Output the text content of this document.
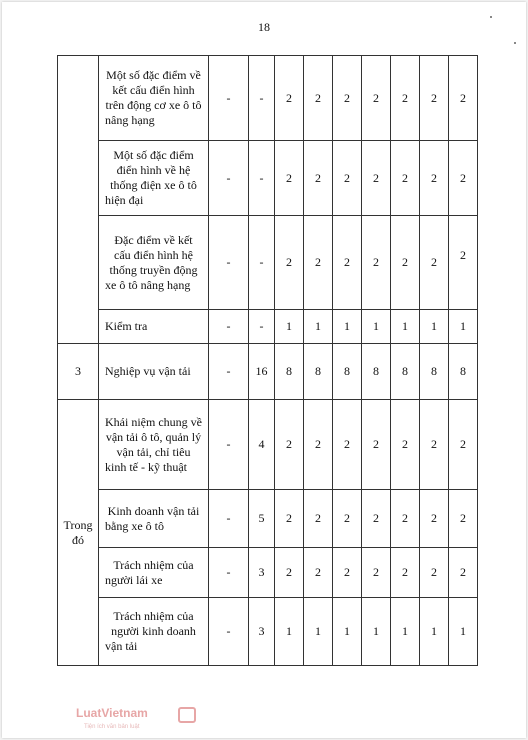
18
	Một số đặc điểm về kết cấu điển hình trên động cơ xe ô tô nâng hạng	-	-	2	2	2	2	2	2	2
	Một số đặc điểm điển hình về hệ thống điện xe ô tô hiện đại	-	-	2	2	2	2	2	2	2
	Đặc điểm về kết cấu điển hình hệ thống truyền động xe ô tô nâng hạng	-	-	2	2	2	2	2	2	2
	Kiểm tra	-	-	1	1	1	1	1	1	1
3	Nghiệp vụ vận tải	-	16	8	8	8	8	8	8	8
Trong đó	Khái niệm chung về vận tải ô tô, quản lý vận tải, chỉ tiêu kinh tế - kỹ thuật	-	4	2	2	2	2	2	2	2
	Kinh doanh vận tải bằng xe ô tô	-	5	2	2	2	2	2	2	2
	Trách nhiệm của người lái xe	-	3	2	2	2	2	2	2	2
	Trách nhiệm của người kinh doanh vận tải	-	3	1	1	1	1	1	1	1
LuatVietnam
Tiện ích văn bản luật
